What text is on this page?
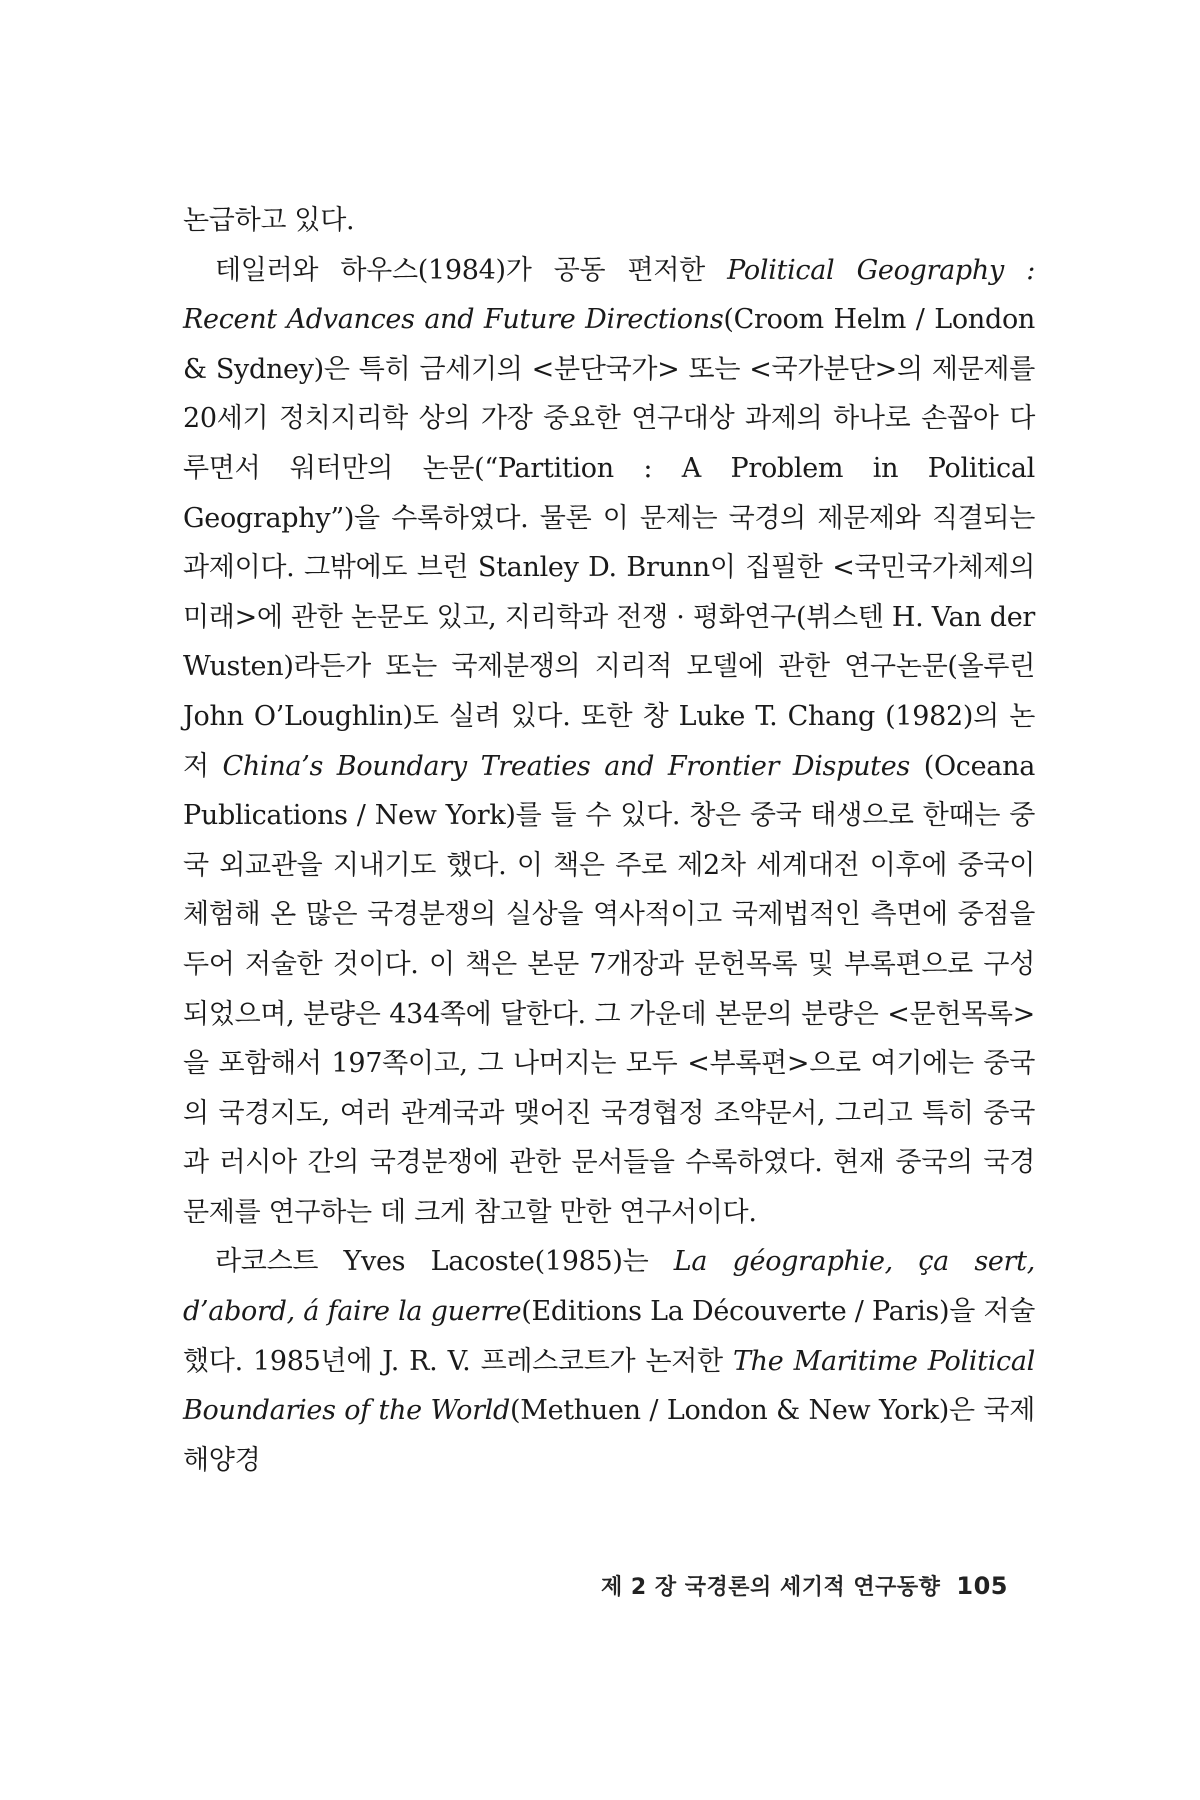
논급하고 있다.

테일러와 하우스(1984)가 공동 편저한 Political Geography : Recent Advances and Future Directions(Croom Helm / London & Sydney)은 특히 금세기의 <분단국가> 또는 <국가분단>의 제문제를 20세기 정치지리학 상의 가장 중요한 연구대상 과제의 하나로 손꼽아 다루면서 워터만의 논문(“Partition : A Problem in Political Geography”)을 수록하였다. 물론 이 문제는 국경의 제문제와 직결되는 과제이다. 그밖에도 브런 Stanley D. Brunn이 집필한 <국민국가체제의 미래>에 관한 논문도 있고, 지리학과 전쟁 · 평화연구(뷔스텐 H. Van der Wusten)라든가 또는 국제분쟁의 지리적 모델에 관한 연구논문(올루린 John O’Loughlin)도 실려 있다. 또한 창 Luke T. Chang (1982)의 논저 China’s Boundary Treaties and Frontier Disputes (Oceana Publications / New York)를 들 수 있다. 창은 중국 태생으로 한때는 중국 외교관을 지내기도 했다. 이 책은 주로 제2차 세계대전 이후에 중국이 체험해 온 많은 국경분쟁의 실상을 역사적이고 국제법적인 측면에 중점을 두어 저술한 것이다. 이 책은 본문 7개장과 문헌목록 및 부록편으로 구성되었으며, 분량은 434쪽에 달한다. 그 가운데 본문의 분량은 <문헌목록>을 포함해서 197쪽이고, 그 나머지는 모두 <부록편>으로 여기에는 중국의 국경지도, 여러 관계국과 맺어진 국경협정 조약문서, 그리고 특히 중국과 러시아 간의 국경분쟁에 관한 문서들을 수록하였다. 현재 중국의 국경문제를 연구하는 데 크게 참고할 만한 연구서이다.

라코스트 Yves Lacoste(1985)는 La géographie, ça sert, d’abord, á faire la guerre(Editions La Découverte / Paris)을 저술했다. 1985년에 J. R. V. 프레스코트가 논저한 The Maritime Political Boundaries of the World(Methuen / London & New York)은 국제해양경

제 2 장 국경론의 세기적 연구동향 105
